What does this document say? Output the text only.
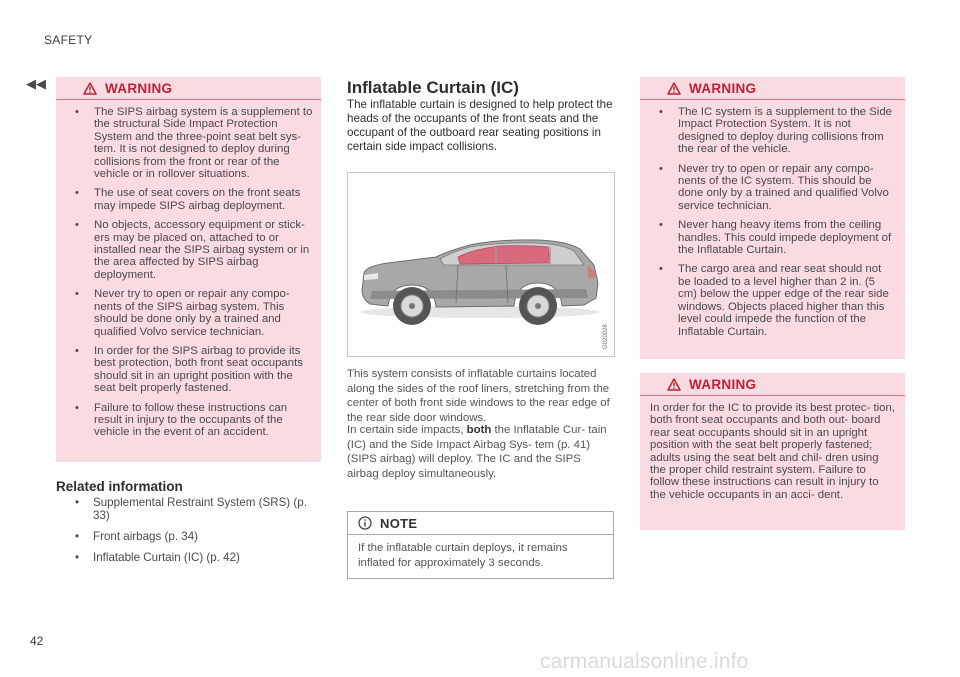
SAFETY
◀◀
42
carmanualsonline.info
WARNING
• The SIPS airbag system is a supplement to the structural Side Impact Protection System and the three-point seat belt sys- tem. It is not designed to deploy during collisions from the front or rear of the vehicle or in rollover situations.
• The use of seat covers on the front seats may impede SIPS airbag deployment.
• No objects, accessory equipment or stick- ers may be placed on, attached to or installed near the SIPS airbag system or in the area affected by SIPS airbag deployment.
• Never try to open or repair any compo- nents of the SIPS airbag system. This should be done only by a trained and qualified Volvo service technician.
• In order for the SIPS airbag to provide its best protection, both front seat occupants should sit in an upright position with the seat belt properly fastened.
• Failure to follow these instructions can result in injury to the occupants of the vehicle in the event of an accident.
Related information
• Supplemental Restraint System (SRS) (p. 33)
• Front airbags (p. 34)
• Inflatable Curtain (IC) (p. 42)
Inflatable Curtain (IC)
The inflatable curtain is designed to help protect the heads of the occupants of the front seats and the occupant of the outboard rear seating positions in certain side impact collisions.
G020028
This system consists of inflatable curtains located along the sides of the roof liners, stretching from the center of both front side windows to the rear edge of the rear side door windows.
In certain side impacts, both the Inflatable Cur- tain (IC) and the Side Impact Airbag Sys- tem (p. 41) (SIPS airbag) will deploy. The IC and the SIPS airbag deploy simultaneously.
NOTE
If the inflatable curtain deploys, it remains inflated for approximately 3 seconds.
WARNING
• The IC system is a supplement to the Side Impact Protection System. It is not designed to deploy during collisions from the rear of the vehicle.
• Never try to open or repair any compo- nents of the IC system. This should be done only by a trained and qualified Volvo service technician.
• Never hang heavy items from the ceiling handles. This could impede deployment of the Inflatable Curtain.
• The cargo area and rear seat should not be loaded to a level higher than 2 in. (5 cm) below the upper edge of the rear side windows. Objects placed higher than this level could impede the function of the Inflatable Curtain.
WARNING
In order for the IC to provide its best protec- tion, both front seat occupants and both out- board rear seat occupants should sit in an upright position with the seat belt properly fastened; adults using the seat belt and chil- dren using the proper child restraint system. Failure to follow these instructions can result in injury to the vehicle occupants in an acci- dent.
